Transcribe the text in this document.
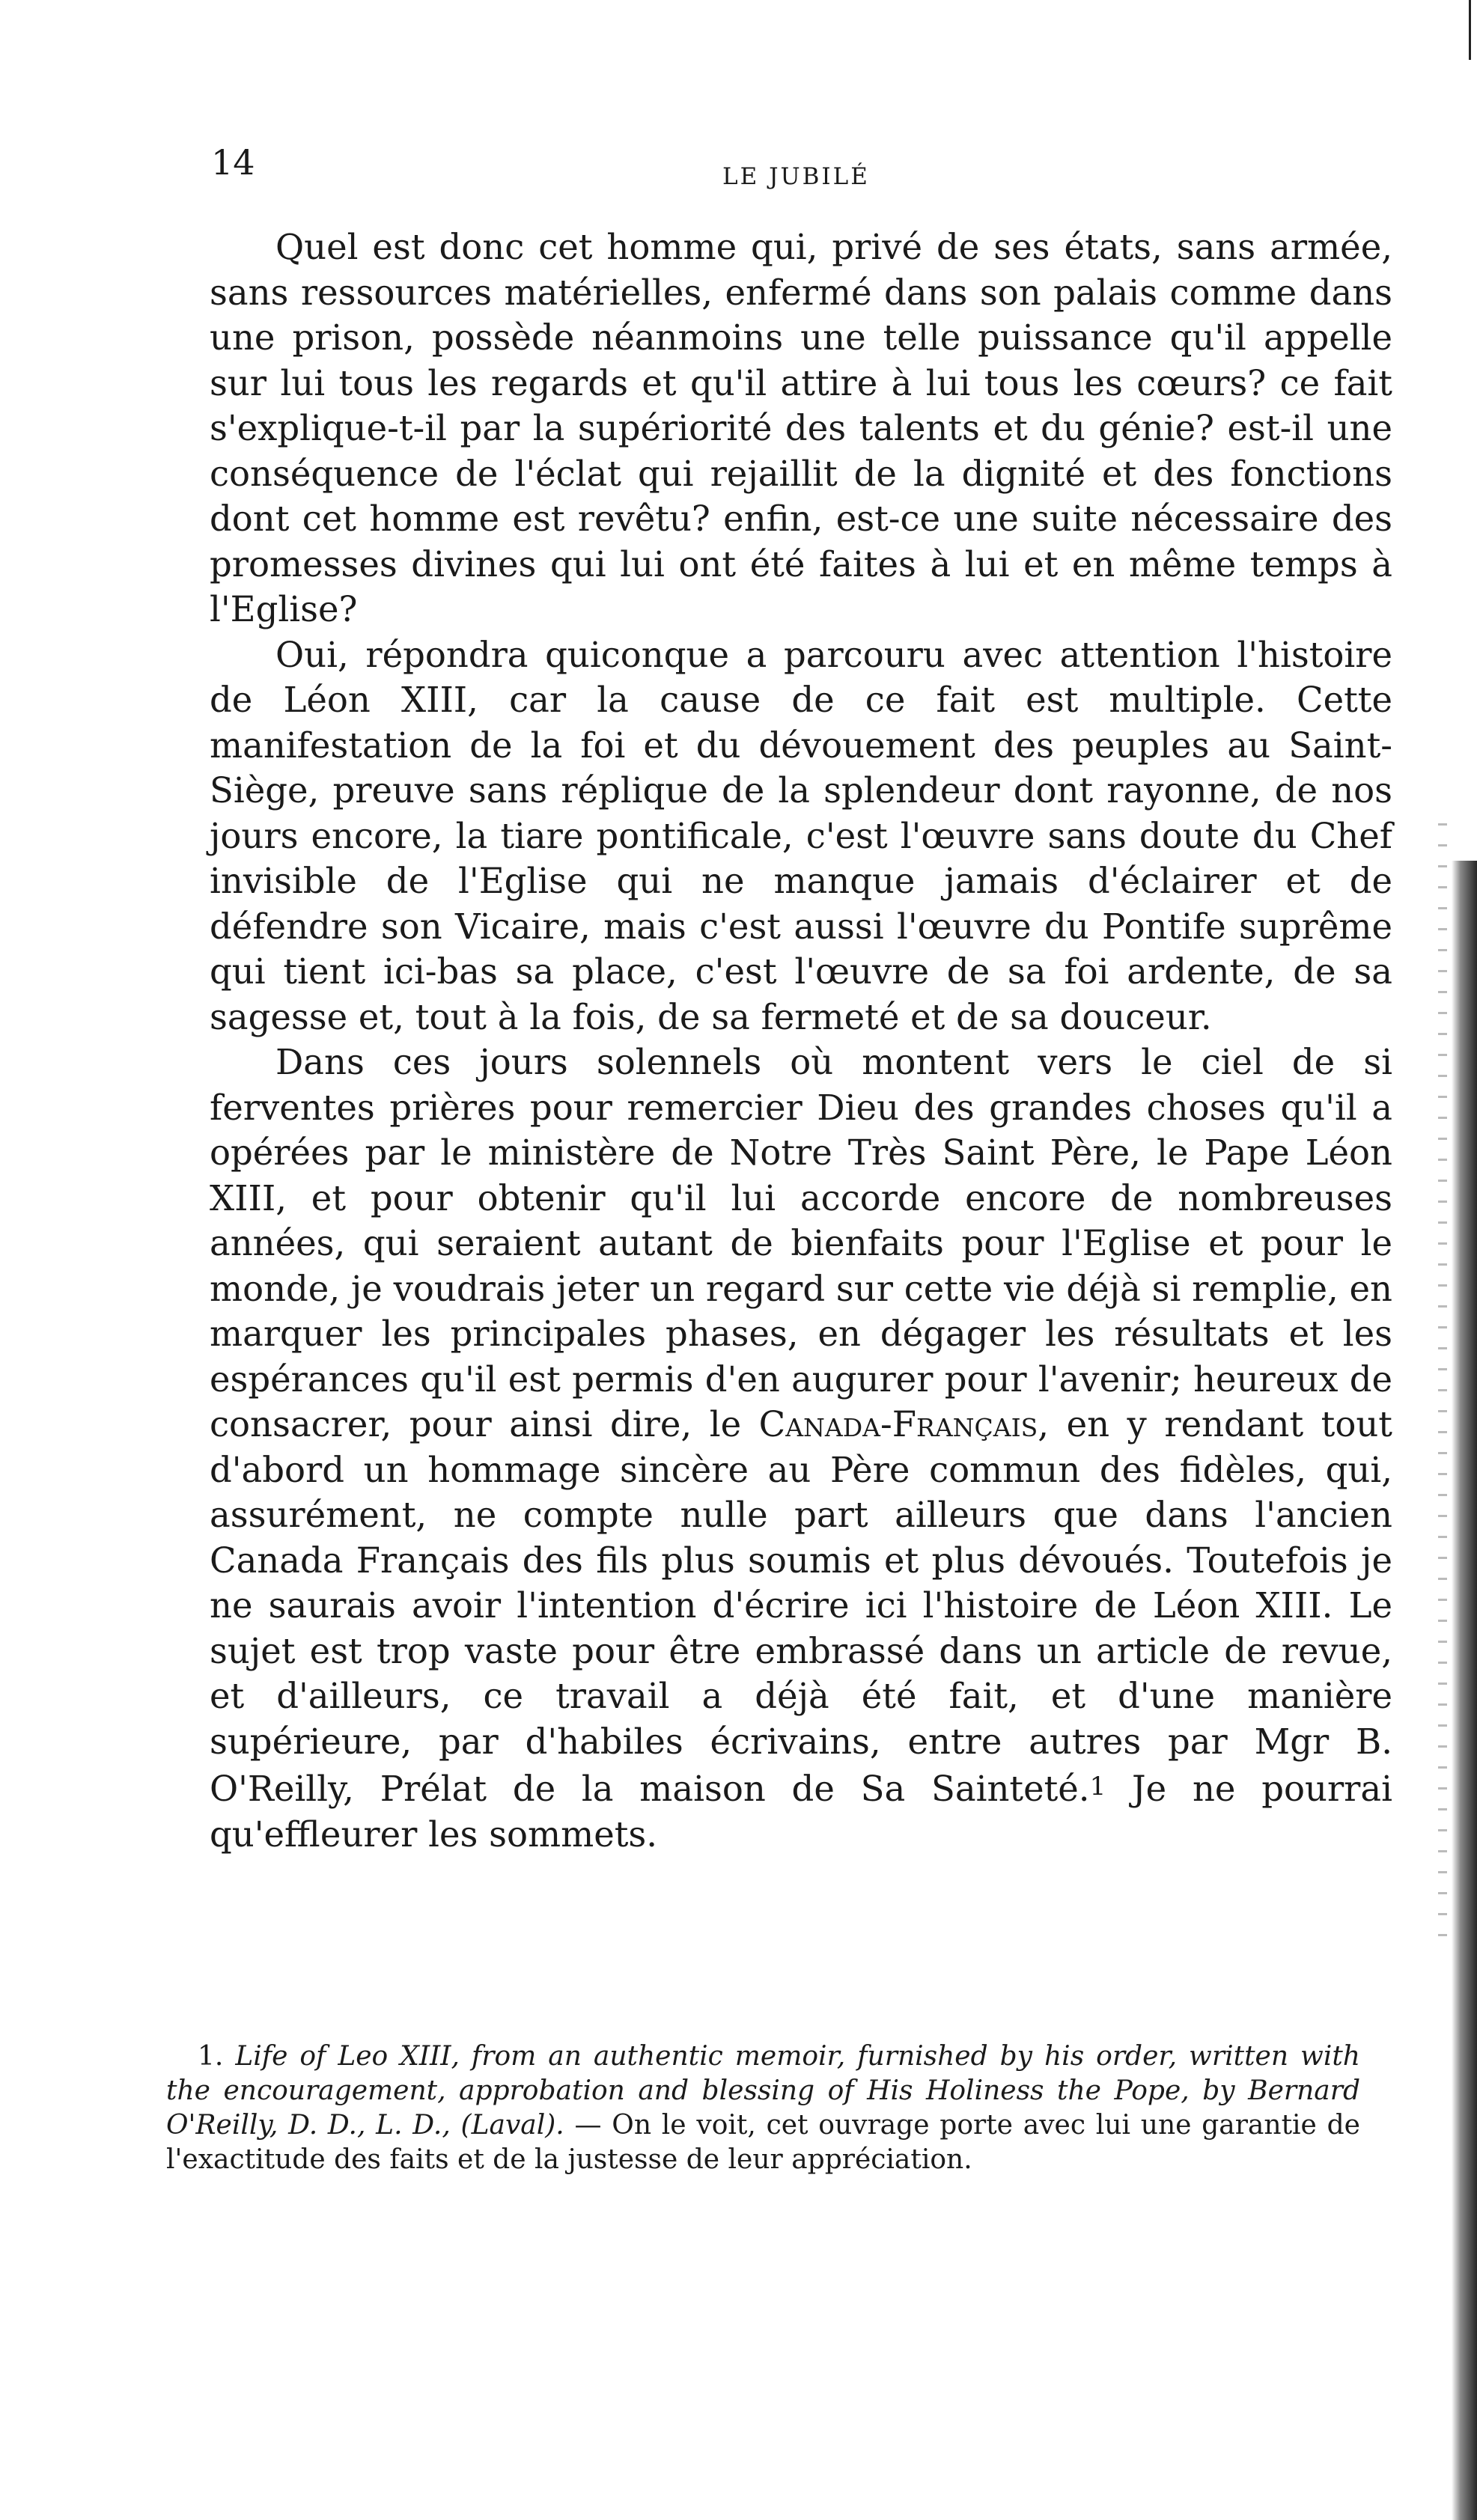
14	LE JUBILÉ

Quel est donc cet homme qui, privé de ses états, sans armée, sans ressources matérielles, enfermé dans son palais comme dans une prison, possède néanmoins une telle puissance qu'il appelle sur lui tous les regards et qu'il attire à lui tous les cœurs? ce fait s'explique-t-il par la supériorité des talents et du génie? est-il une conséquence de l'éclat qui rejaillit de la dignité et des fonctions dont cet homme est revêtu? enfin, est-ce une suite nécessaire des promesses divines qui lui ont été faites à lui et en même temps à l'Eglise?

Oui, répondra quiconque a parcouru avec attention l'histoire de Léon XIII, car la cause de ce fait est multiple. Cette manifestation de la foi et du dévouement des peuples au Saint-Siège, preuve sans réplique de la splendeur dont rayonne, de nos jours encore, la tiare pontificale, c'est l'œuvre sans doute du Chef invisible de l'Eglise qui ne manque jamais d'éclairer et de défendre son Vicaire, mais c'est aussi l'œuvre du Pontife suprême qui tient ici-bas sa place, c'est l'œuvre de sa foi ardente, de sa sagesse et, tout à la fois, de sa fermeté et de sa douceur.

Dans ces jours solennels où montent vers le ciel de si ferventes prières pour remercier Dieu des grandes choses qu'il a opérées par le ministère de Notre Très Saint Père, le Pape Léon XIII, et pour obtenir qu'il lui accorde encore de nombreuses années, qui seraient autant de bienfaits pour l'Eglise et pour le monde, je voudrais jeter un regard sur cette vie déjà si remplie, en marquer les principales phases, en dégager les résultats et les espérances qu'il est permis d'en augurer pour l'avenir; heureux de consacrer, pour ainsi dire, le Canada-Français, en y rendant tout d'abord un hommage sincère au Père commun des fidèles, qui, assurément, ne compte nulle part ailleurs que dans l'ancien Canada Français des fils plus soumis et plus dévoués. Toutefois je ne saurais avoir l'intention d'écrire ici l'histoire de Léon XIII. Le sujet est trop vaste pour être embrassé dans un article de revue, et d'ailleurs, ce travail a déjà été fait, et d'une manière supérieure, par d'habiles écrivains, entre autres par Mgr B. O'Reilly, Prélat de la maison de Sa Sainteté.1 Je ne pourrai qu'effleurer les sommets.

1. Life of Leo XIII, from an authentic memoir, furnished by his order, written with the encouragement, approbation and blessing of His Holiness the Pope, by Bernard O'Reilly, D. D., L. D., (Laval). — On le voit, cet ouvrage porte avec lui une garantie de l'exactitude des faits et de la justesse de leur appréciation.
